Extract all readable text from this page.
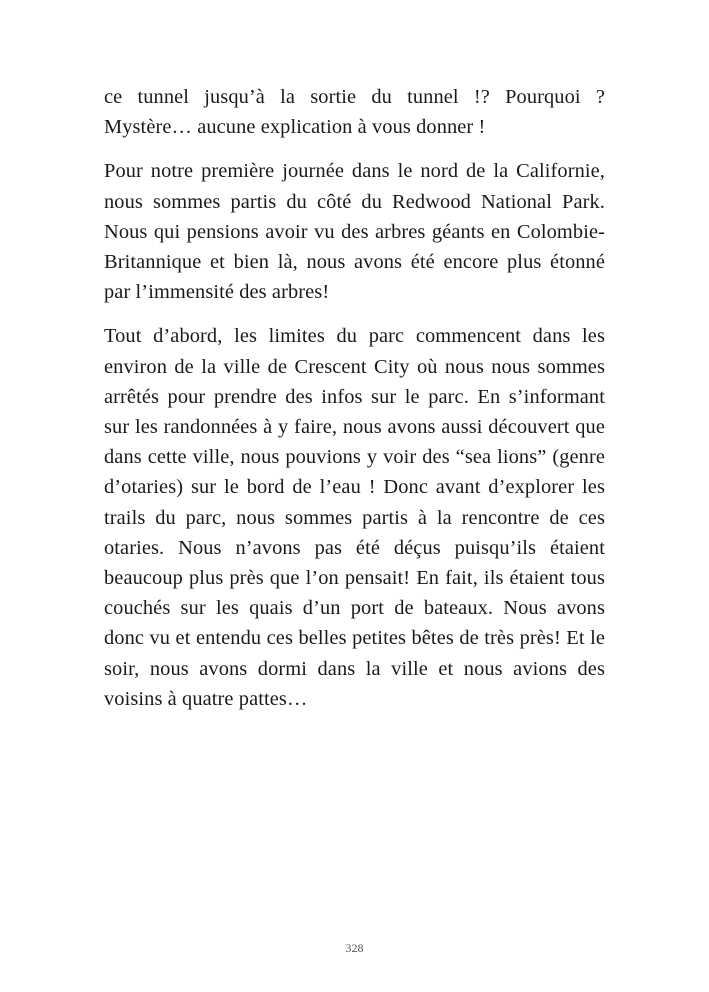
ce tunnel jusqu’à la sortie du tunnel !? Pourquoi ? Mystère… aucune explication à vous donner !

Pour notre première journée dans le nord de la Californie, nous sommes partis du côté du Redwood National Park. Nous qui pensions avoir vu des arbres géants en Colombie-Britannique et bien là, nous avons été encore plus étonné par l’immensité des arbres!

Tout d’abord, les limites du parc commencent dans les environ de la ville de Crescent City où nous nous sommes arrêtés pour prendre des infos sur le parc. En s’informant sur les randonnées à y faire, nous avons aussi découvert que dans cette ville, nous pouvions y voir des “sea lions” (genre d’otaries) sur le bord de l’eau ! Donc avant d’explorer les trails du parc, nous sommes partis à la rencontre de ces otaries. Nous n’avons pas été déçus puisqu’ils étaient beaucoup plus près que l’on pensait! En fait, ils étaient tous couchés sur les quais d’un port de bateaux. Nous avons donc vu et entendu ces belles petites bêtes de très près! Et le soir, nous avons dormi dans la ville et nous avions des voisins à quatre pattes…

328
